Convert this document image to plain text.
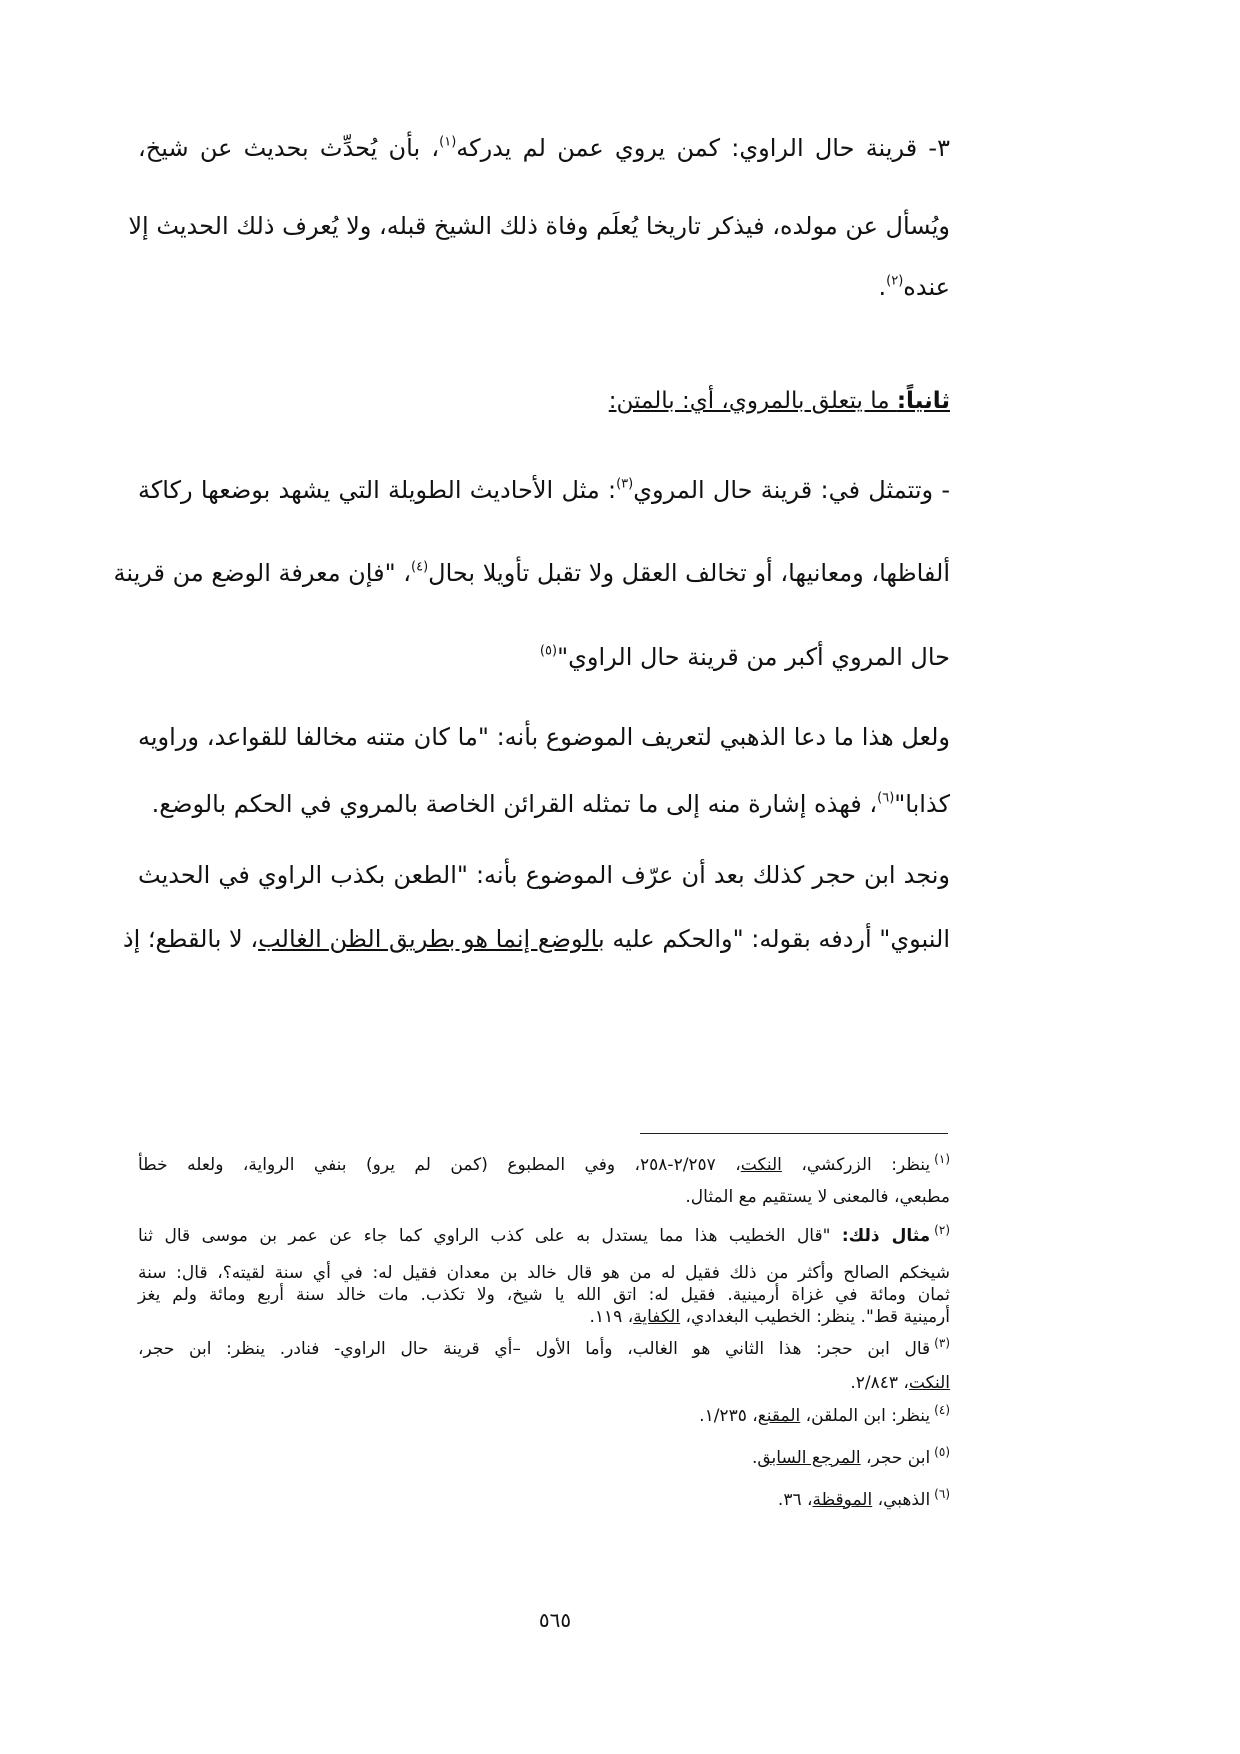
٣- قرينة حال الراوي: كمن يروي عمن لم يدركه$^{(١)}$، بأن يُحدِّث بحديث عن شيخ،
ويُسأل عن مولده، فيذكر تاريخا يُعلَم وفاة ذلك الشيخ قبله، ولا يُعرف ذلك الحديث إلا
عنده$^{(٢)}$.
ثانياً: ما يتعلق بالمروي، أي: بالمتن:
- وتتمثل في: قرينة حال المروي$^{(٣)}$: مثل الأحاديث الطويلة التي يشهد بوضعها ركاكة
ألفاظها، ومعانيها، أو تخالف العقل ولا تقبل تأويلا بحال$^{(٤)}$، "فإن معرفة الوضع من قرينة
حال المروي أكبر من قرينة حال الراوي"$^{(٥)}$
ولعل هذا ما دعا الذهبي لتعريف الموضوع بأنه: "ما كان متنه مخالفا للقواعد، وراويه
كذابا"$^{(٦)}$، فهذه إشارة منه إلى ما تمثله القرائن الخاصة بالمروي في الحكم بالوضع.
ونجد ابن حجر كذلك بعد أن عرّف الموضوع بأنه: "الطعن بكذب الراوي في الحديث
النبوي" أردفه بقوله: "والحكم عليه بالوضع إنما هو بطريق الظن الغالب، لا بالقطع؛ إذ
$^{(١)}$ينظر: الزركشي، النكت، ٢/٢٥٧-٢٥٨، وفي المطبوع (كمن لم يرو) بنفي الرواية، ولعله خطأ
مطبعي، فالمعنى لا يستقيم مع المثال.
$^{(٢)}$مثال ذلك: "قال الخطيب هذا مما يستدل به على كذب الراوي كما جاء عن عمر بن موسى قال ثنا
شيخكم الصالح وأكثر من ذلك فقيل له من هو قال خالد بن معدان فقيل له: في أي سنة لقيته؟، قال: سنة
ثمان ومائة في غزاة أرمينية. فقيل له: اتق الله يا شيخ، ولا تكذب. مات خالد سنة أربع ومائة ولم يغز
أرمينية قط". ينظر: الخطيب البغدادي، الكفاية، ١١٩.
$^{(٣)}$قال ابن حجر: هذا الثاني هو الغالب، وأما الأول –أي قرينة حال الراوي- فنادر. ينظر: ابن حجر،
النكت، ٢/٨٤٣.
$^{(٤)}$ينظر: ابن الملقن، المقنع، ١/٢٣٥.
$^{(٥)}$ابن حجر، المرجع السابق.
$^{(٦)}$الذهبي، الموقظة، ٣٦.
٥٦٥
